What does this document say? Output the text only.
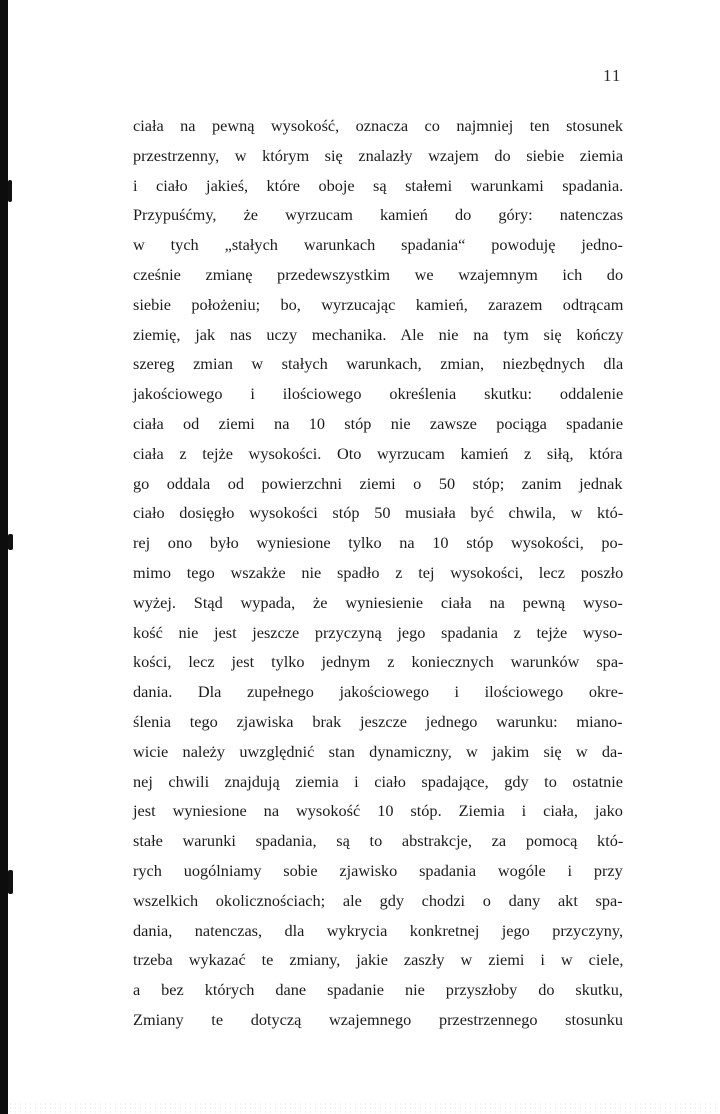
11
ciała na pewną wysokość, oznacza co najmniej ten stosunek
przestrzenny, w którym się znalazły wzajem do siebie ziemia
i ciało jakieś, które oboje są stałemi warunkami spadania.
Przypuśćmy, że wyrzucam kamień do góry: natenczas
w tych „stałych warunkach spadania“ powoduję jedno-
cześnie zmianę przedewszystkim we wzajemnym ich do
siebie położeniu; bo, wyrzucając kamień, zarazem odtrącam
ziemię, jak nas uczy mechanika. Ale nie na tym się kończy
szereg zmian w stałych warunkach, zmian, niezbędnych dla
jakościowego i ilościowego określenia skutku: oddalenie
ciała od ziemi na 10 stóp nie zawsze pociąga spadanie
ciała z tejże wysokości. Oto wyrzucam kamień z siłą, która
go oddala od powierzchni ziemi o 50 stóp; zanim jednak
ciało dosięgło wysokości stóp 50 musiała być chwila, w któ-
rej ono było wyniesione tylko na 10 stóp wysokości, po-
mimo tego wszakże nie spadło z tej wysokości, lecz poszło
wyżej. Stąd wypada, że wyniesienie ciała na pewną wyso-
kość nie jest jeszcze przyczyną jego spadania z tejże wyso-
kości, lecz jest tylko jednym z koniecznych warunków spa-
dania. Dla zupełnego jakościowego i ilościowego okre-
ślenia tego zjawiska brak jeszcze jednego warunku: miano-
wicie należy uwzględnić stan dynamiczny, w jakim się w da-
nej chwili znajdują ziemia i ciało spadające, gdy to ostatnie
jest wyniesione na wysokość 10 stóp. Ziemia i ciała, jako
stałe warunki spadania, są to abstrakcje, za pomocą któ-
rych uogólniamy sobie zjawisko spadania wogóle i przy
wszelkich okolicznościach; ale gdy chodzi o dany akt spa-
dania, natenczas, dla wykrycia konkretnej jego przyczyny,
trzeba wykazać te zmiany, jakie zaszły w ziemi i w ciele,
a bez których dane spadanie nie przyszłoby do skutku,
Zmiany te dotyczą wzajemnego przestrzennego stosunku
